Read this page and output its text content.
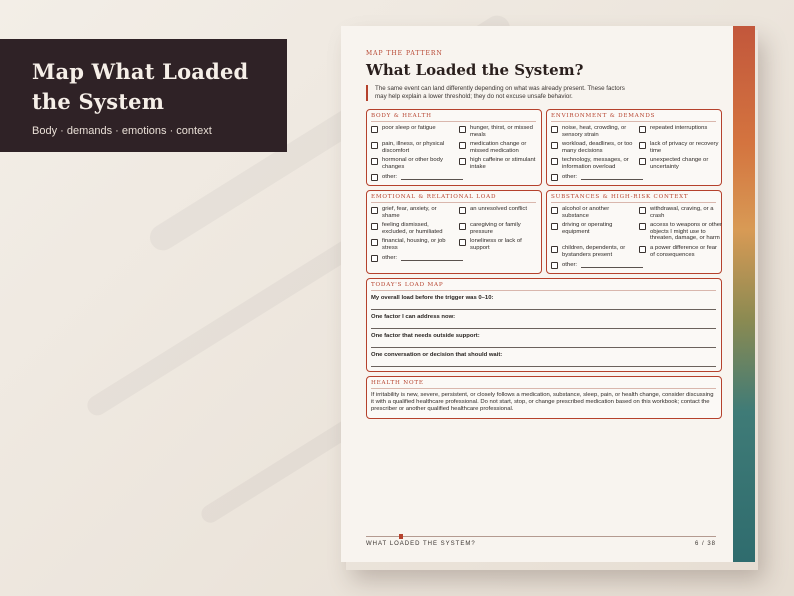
Map What Loaded
the System

Body · demands · emotions · context

MAP THE PATTERN
What Loaded the System?
The same event can land differently depending on what was already present. These factors may help explain a lower threshold; they do not excuse unsafe behavior.
BODY & HEALTH
poor sleep or fatigue	hunger, thirst, or missed meals
pain, illness, or physical discomfort
medication change or missed medication
hormonal or other body changes
high caffeine or stimulant intake
other:
ENVIRONMENT & DEMANDS
noise, heat, crowding, or sensory strain
repeated interruptions
workload, deadlines, or too many decisions
lack of privacy or recovery time
technology, messages, or information overload
unexpected change or uncertainty
other:
EMOTIONAL & RELATIONAL LOAD
grief, fear, anxiety, or shame
an unresolved conflict
feeling dismissed, excluded, or humiliated
caregiving or family pressure
financial, housing, or job stress
loneliness or lack of support
other:
SUBSTANCES & HIGH-RISK CONTEXT
alcohol or another substance
withdrawal, craving, or a crash
driving or operating equipment
access to weapons or other objects I might use to threaten, damage, or harm
children, dependents, or bystanders present
a power difference or fear of consequences
other:
TODAY'S LOAD MAP
My overall load before the trigger was 0–10:
One factor I can address now:
One factor that needs outside support:
One conversation or decision that should wait:
HEALTH NOTE
If irritability is new, severe, persistent, or closely follows a medication, substance, sleep, pain, or health change, consider discussing it with a qualified healthcare professional. Do not start, stop, or change prescribed medication based on this workbook; contact the prescriber or another qualified healthcare professional.
WHAT LOADED THE SYSTEM?	6 / 38
